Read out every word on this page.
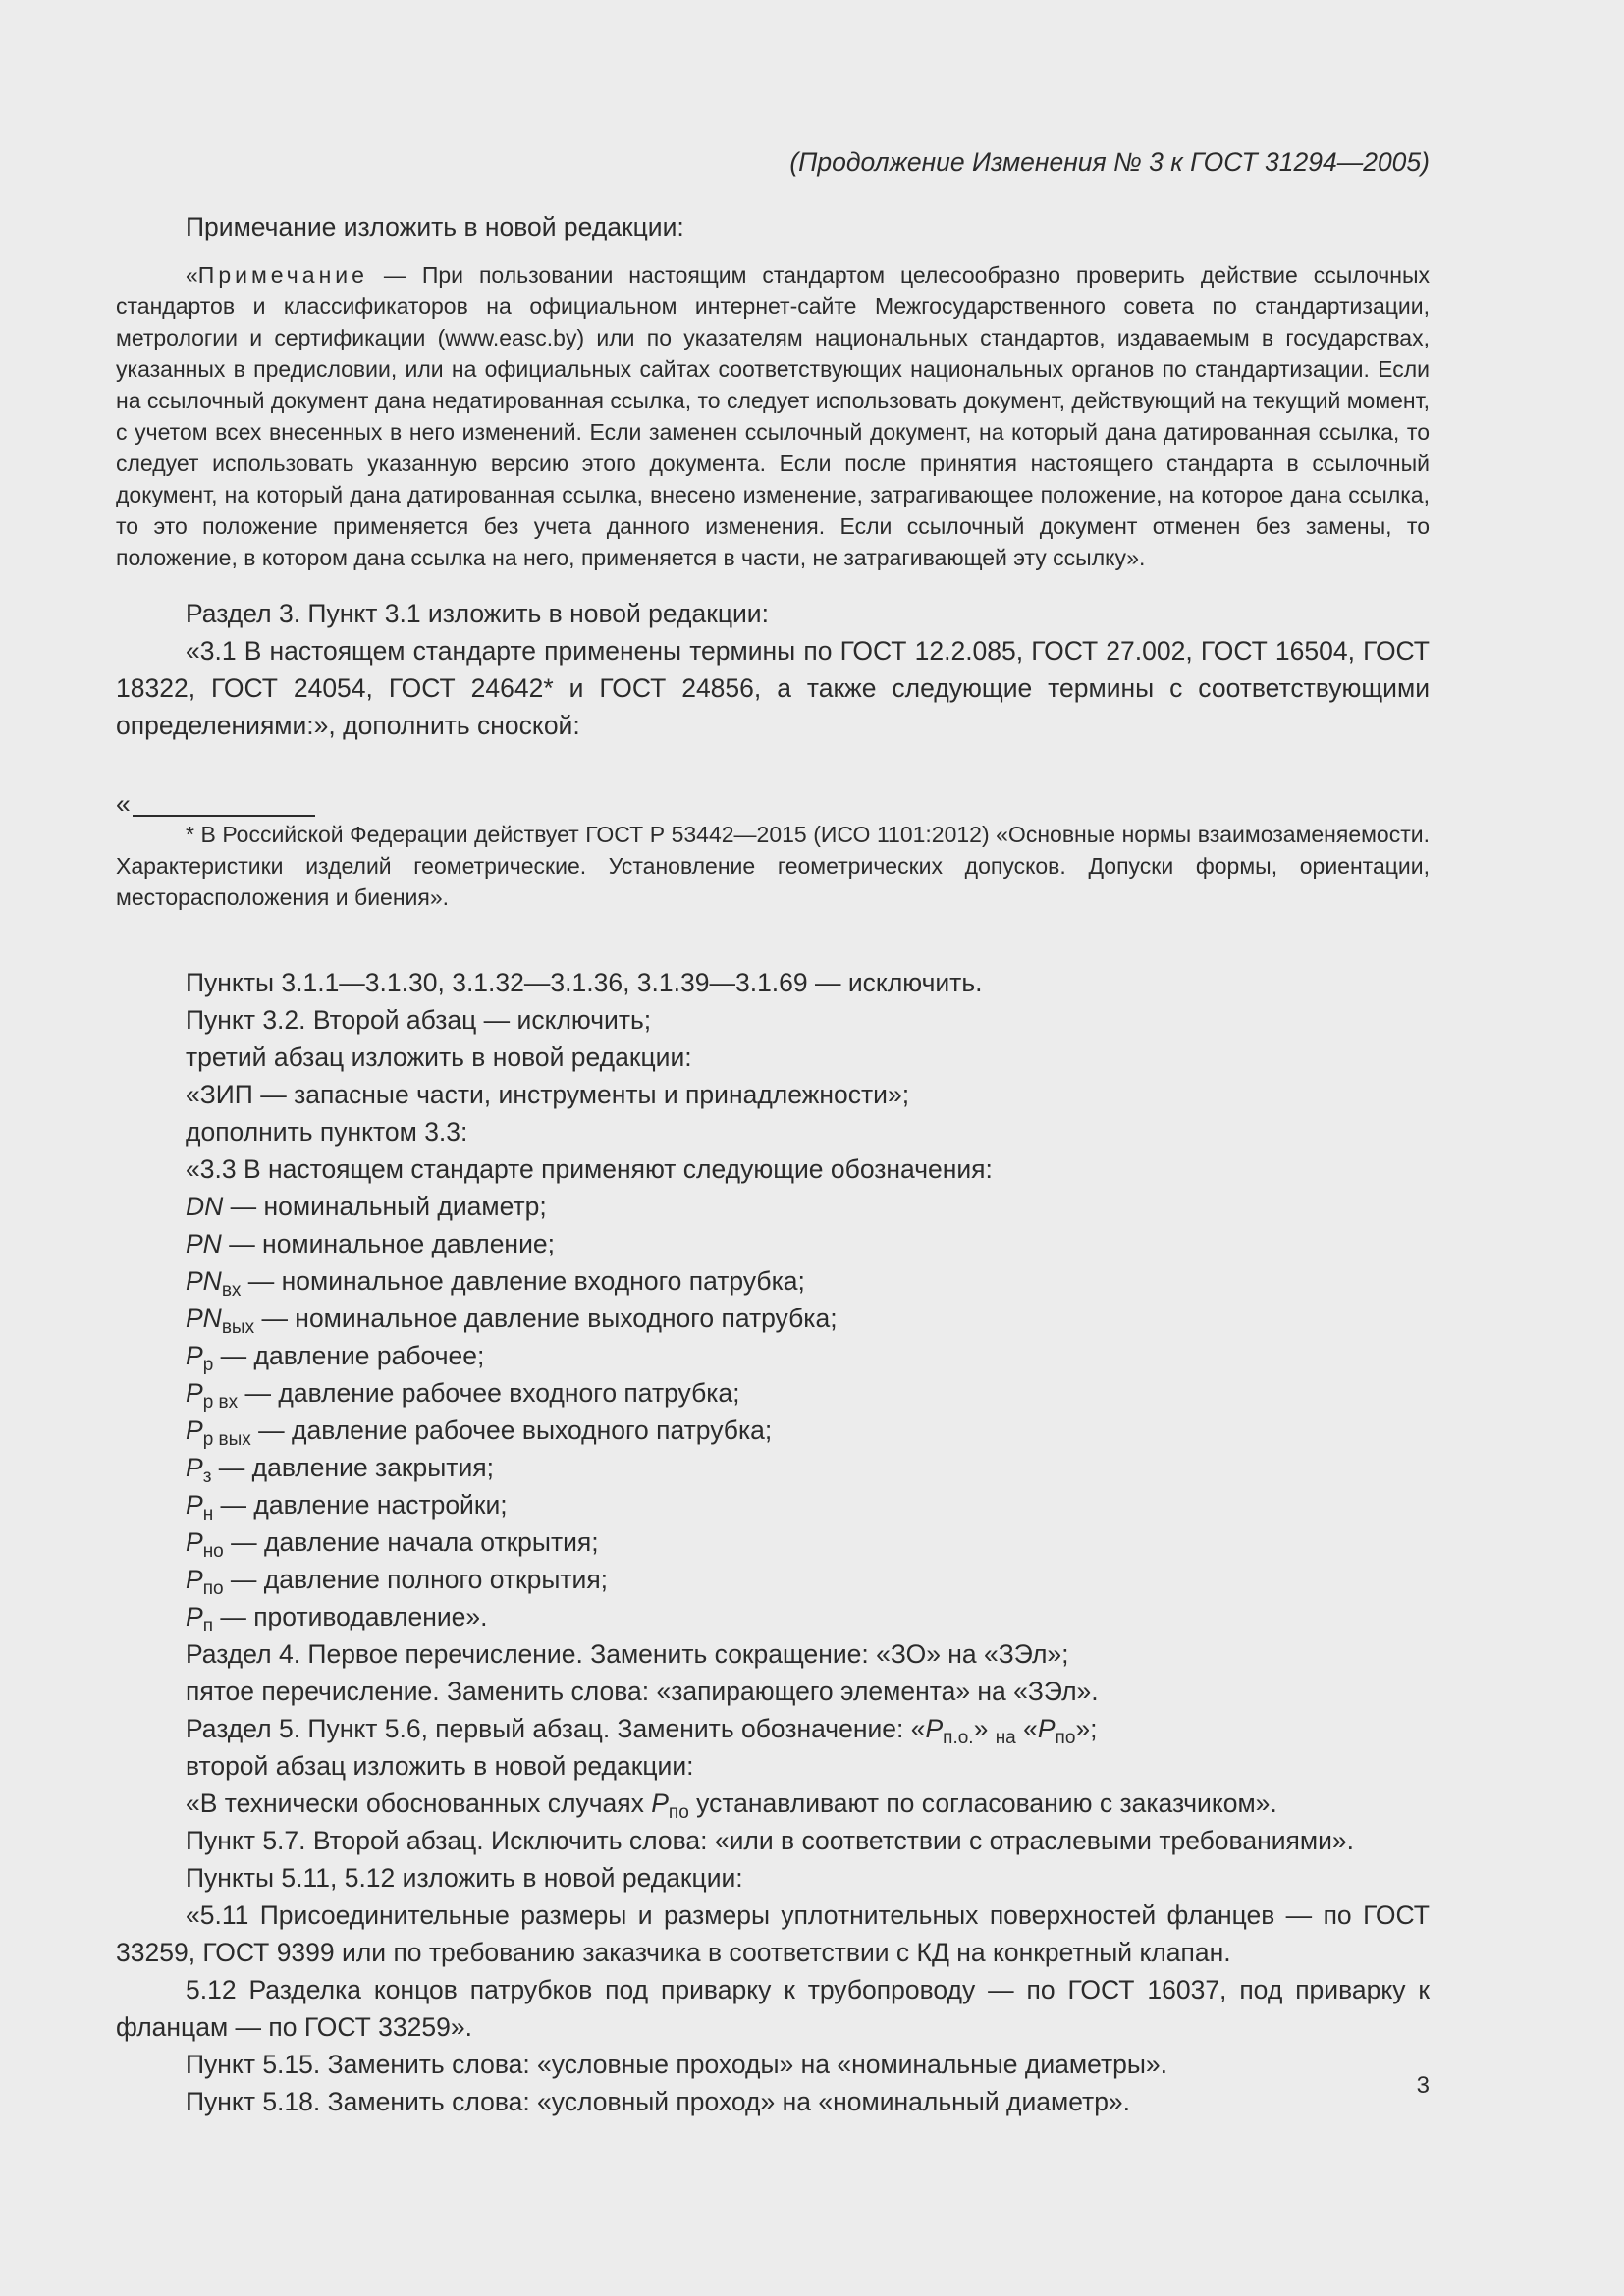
(Продолжение Изменения № 3 к ГОСТ 31294—2005)

Примечание изложить в новой редакции:

«Примечание — При пользовании настоящим стандартом целесообразно проверить действие ссылочных стандартов и классификаторов на официальном интернет-сайте Межгосударственного совета по стандартизации, метрологии и сертификации (www.easc.by) или по указателям национальных стандартов, издаваемым в государствах, указанных в предисловии, или на официальных сайтах соответствующих национальных органов по стандартизации. Если на ссылочный документ дана недатированная ссылка, то следует использовать документ, действующий на текущий момент, с учетом всех внесенных в него изменений. Если заменен ссылочный документ, на который дана датированная ссылка, то следует использовать указанную версию этого документа. Если после принятия настоящего стандарта в ссылочный документ, на который дана датированная ссылка, внесено изменение, затрагивающее положение, на которое дана ссылка, то это положение применяется без учета данного изменения. Если ссылочный документ отменен без замены, то положение, в котором дана ссылка на него, применяется в части, не затрагивающей эту ссылку».

Раздел 3. Пункт 3.1 изложить в новой редакции:

«3.1 В настоящем стандарте применены термины по ГОСТ 12.2.085, ГОСТ 27.002, ГОСТ 16504, ГОСТ 18322, ГОСТ 24054, ГОСТ 24642* и ГОСТ 24856, а также следующие термины с соответствующими определениями:», дополнить сноской:

«

* В Российской Федерации действует ГОСТ Р 53442—2015 (ИСО 1101:2012) «Основные нормы взаимозаменяемости. Характеристики изделий геометрические. Установление геометрических допусков. Допуски формы, ориентации, месторасположения и биения».

Пункты 3.1.1—3.1.30, 3.1.32—3.1.36, 3.1.39—3.1.69 — исключить.

Пункт 3.2. Второй абзац — исключить;

третий абзац изложить в новой редакции:

«ЗИП — запасные части, инструменты и принадлежности»;

дополнить пунктом 3.3:

«3.3 В настоящем стандарте применяют следующие обозначения:

DN — номинальный диаметр;

PN — номинальное давление;

$PN_{вх}$ — номинальное давление входного патрубка;

$PN_{вых}$ — номинальное давление выходного патрубка;

$P_р$ — давление рабочее;

$P_{р вх}$ — давление рабочее входного патрубка;

$P_{р вых}$ — давление рабочее выходного патрубка;

$P_з$ — давление закрытия;

$P_н$ — давление настройки;

$P_{но}$ — давление начала открытия;

$P_{по}$ — давление полного открытия;

$P_п$ — противодавление».

Раздел 4. Первое перечисление. Заменить сокращение: «ЗО» на «ЗЭл»;

пятое перечисление. Заменить слова: «запирающего элемента» на «ЗЭл».

Раздел 5. Пункт 5.6, первый абзац. Заменить обозначение: «$P_{п.о.}$» $_{на}$ «$P_{по}$»;

второй абзац изложить в новой редакции:

«В технически обоснованных случаях $P_{по}$ устанавливают по согласованию с заказчиком».

Пункт 5.7. Второй абзац. Исключить слова: «или в соответствии с отраслевыми требованиями».

Пункты 5.11, 5.12 изложить в новой редакции:

«5.11 Присоединительные размеры и размеры уплотнительных поверхностей фланцев — по ГОСТ 33259, ГОСТ 9399 или по требованию заказчика в соответствии с КД на конкретный клапан.

5.12 Разделка концов патрубков под приварку к трубопроводу — по ГОСТ 16037, под приварку к фланцам — по ГОСТ 33259».

Пункт 5.15. Заменить слова: «условные проходы» на «номинальные диаметры».

Пункт 5.18. Заменить слова: «условный проход» на «номинальный диаметр».

3
